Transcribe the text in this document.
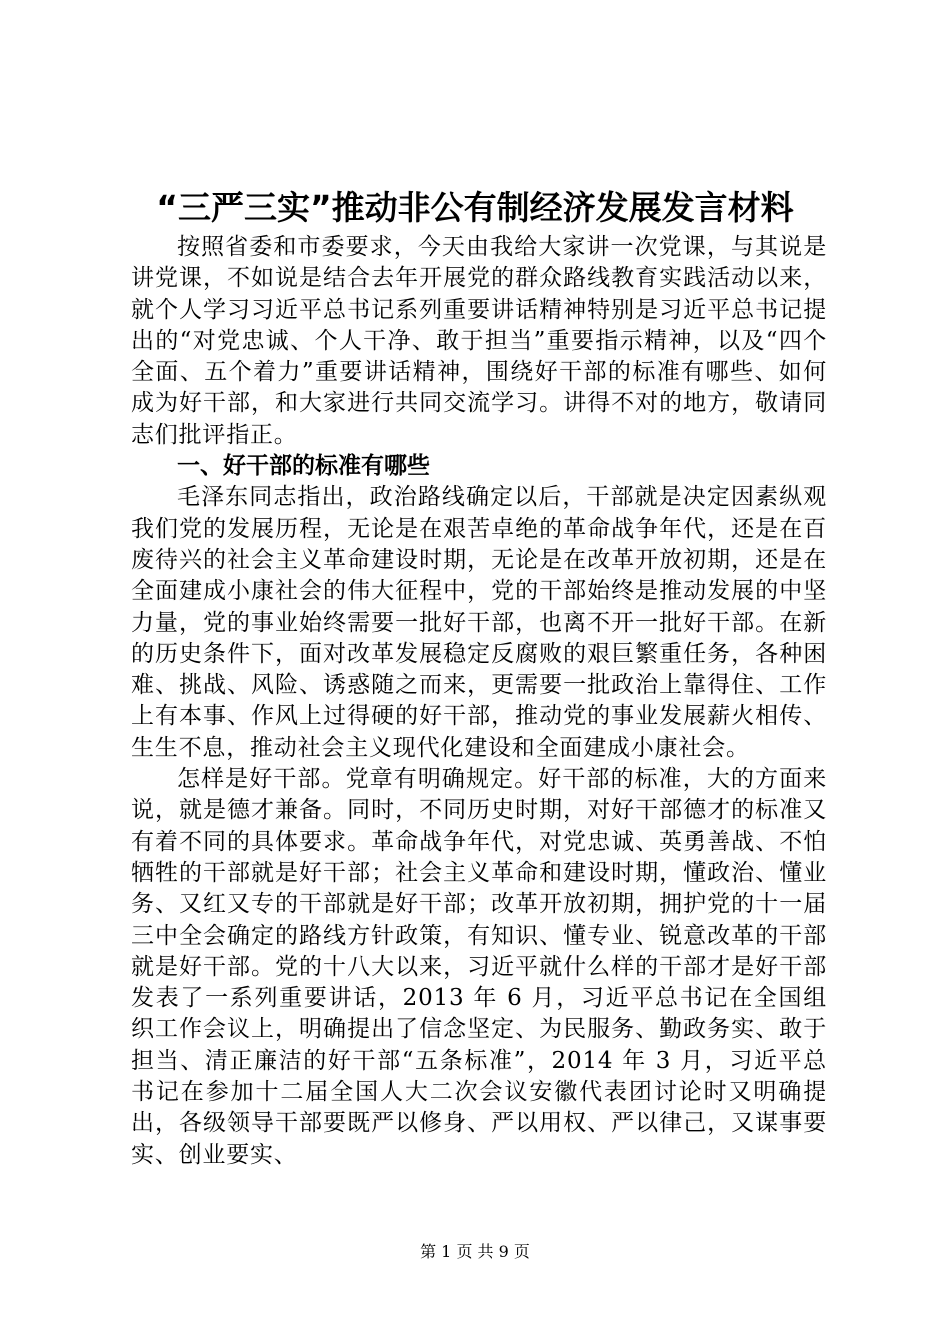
“三严三实”推动非公有制经济发展发言材料

按照省委和市委要求，今天由我给大家讲一次党课，与其说是讲党课，不如说是结合去年开展党的群众路线教育实践活动以来，就个人学习习近平总书记系列重要讲话精神特别是习近平总书记提出的“对党忠诚、个人干净、敢于担当”重要指示精神，以及“四个全面、五个着力”重要讲话精神，围绕好干部的标准有哪些、如何成为好干部，和大家进行共同交流学习。讲得不对的地方，敬请同志们批评指正。

一、好干部的标准有哪些

毛泽东同志指出，政治路线确定以后，干部就是决定因素纵观我们党的发展历程，无论是在艰苦卓绝的革命战争年代，还是在百废待兴的社会主义革命建设时期，无论是在改革开放初期，还是在全面建成小康社会的伟大征程中，党的干部始终是推动发展的中坚力量，党的事业始终需要一批好干部，也离不开一批好干部。在新的历史条件下，面对改革发展稳定反腐败的艰巨繁重任务，各种困难、挑战、风险、诱惑随之而来，更需要一批政治上靠得住、工作上有本事、作风上过得硬的好干部，推动党的事业发展薪火相传、生生不息，推动社会主义现代化建设和全面建成小康社会。

怎样是好干部。党章有明确规定。好干部的标准，大的方面来说，就是德才兼备。同时，不同历史时期，对好干部德才的标准又有着不同的具体要求。革命战争年代，对党忠诚、英勇善战、不怕牺牲的干部就是好干部；社会主义革命和建设时期，懂政治、懂业务、又红又专的干部就是好干部；改革开放初期，拥护党的十一届三中全会确定的路线方针政策，有知识、懂专业、锐意改革的干部就是好干部。党的十八大以来，习近平就什么样的干部才是好干部发表了一系列重要讲话，2013 年 6 月，习近平总书记在全国组织工作会议上，明确提出了信念坚定、为民服务、勤政务实、敢于担当、清正廉洁的好干部“五条标准”，2014 年 3 月，习近平总书记在参加十二届全国人大二次会议安徽代表团讨论时又明确提出，各级领导干部要既严以修身、严以用权、严以律己，又谋事要实、创业要实、

第 1 页 共 9 页
